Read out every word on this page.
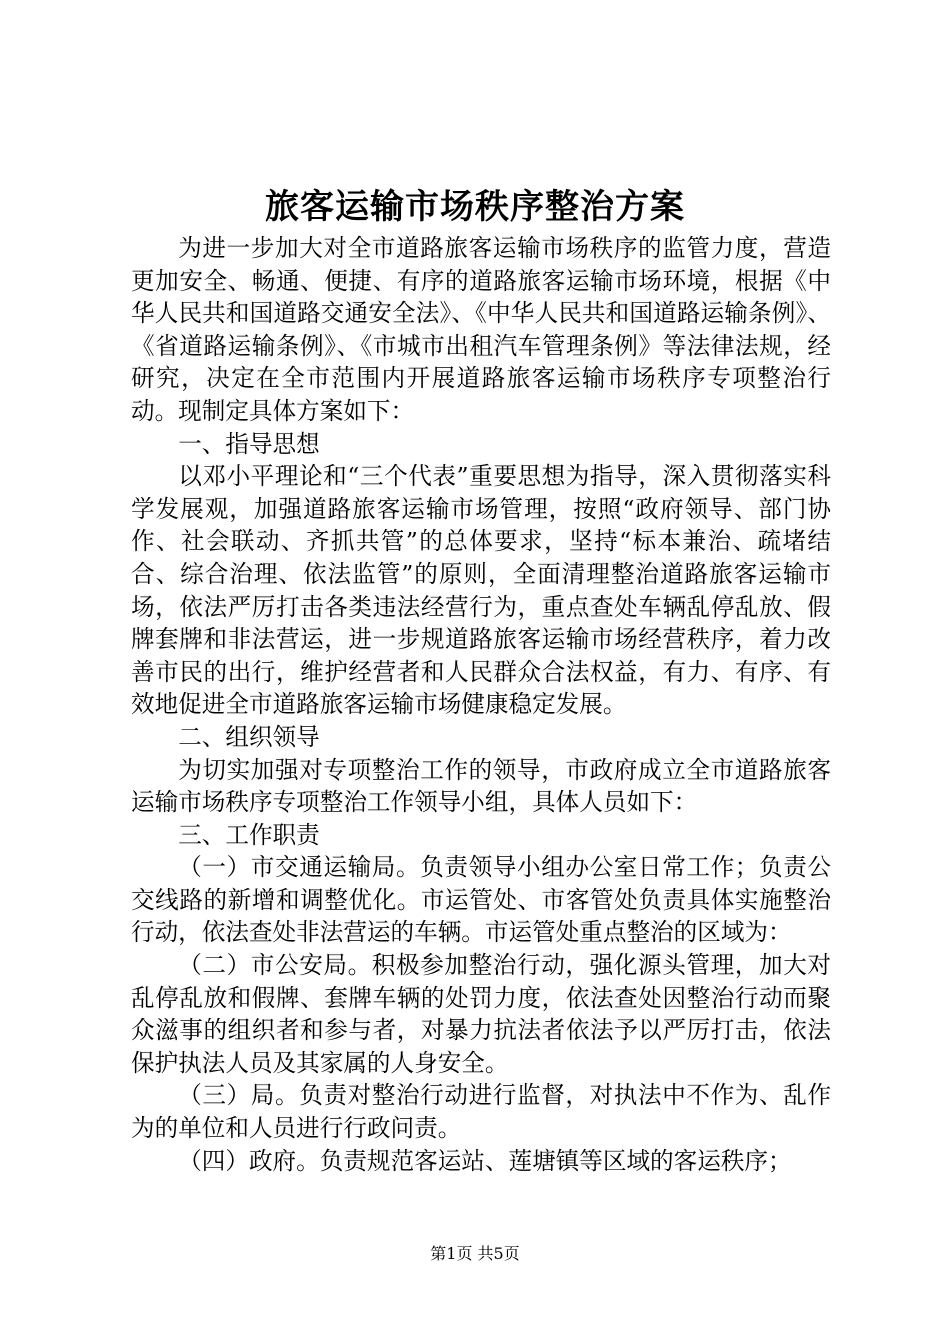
旅客运输市场秩序整治方案

为进一步加大对全市道路旅客运输市场秩序的监管力度，营造更加安全、畅通、便捷、有序的道路旅客运输市场环境，根据《中华人民共和国道路交通安全法》、《中华人民共和国道路运输条例》、《省道路运输条例》、《市城市出租汽车管理条例》等法律法规，经研究，决定在全市范围内开展道路旅客运输市场秩序专项整治行动。现制定具体方案如下：

一、指导思想

以邓小平理论和“三个代表”重要思想为指导，深入贯彻落实科学发展观，加强道路旅客运输市场管理，按照“政府领导、部门协作、社会联动、齐抓共管”的总体要求，坚持“标本兼治、疏堵结合、综合治理、依法监管”的原则，全面清理整治道路旅客运输市场，依法严厉打击各类违法经营行为，重点查处车辆乱停乱放、假牌套牌和非法营运，进一步规道路旅客运输市场经营秩序，着力改善市民的出行，维护经营者和人民群众合法权益，有力、有序、有效地促进全市道路旅客运输市场健康稳定发展。

二、组织领导

为切实加强对专项整治工作的领导，市政府成立全市道路旅客运输市场秩序专项整治工作领导小组，具体人员如下：

三、工作职责

（一）市交通运输局。负责领导小组办公室日常工作；负责公交线路的新增和调整优化。市运管处、市客管处负责具体实施整治行动，依法查处非法营运的车辆。市运管处重点整治的区域为：

（二）市公安局。积极参加整治行动，强化源头管理，加大对乱停乱放和假牌、套牌车辆的处罚力度，依法查处因整治行动而聚众滋事的组织者和参与者，对暴力抗法者依法予以严厉打击，依法保护执法人员及其家属的人身安全。

（三）局。负责对整治行动进行监督，对执法中不作为、乱作为的单位和人员进行行政问责。

（四）政府。负责规范客运站、莲塘镇等区域的客运秩序；

第1页 共5页
